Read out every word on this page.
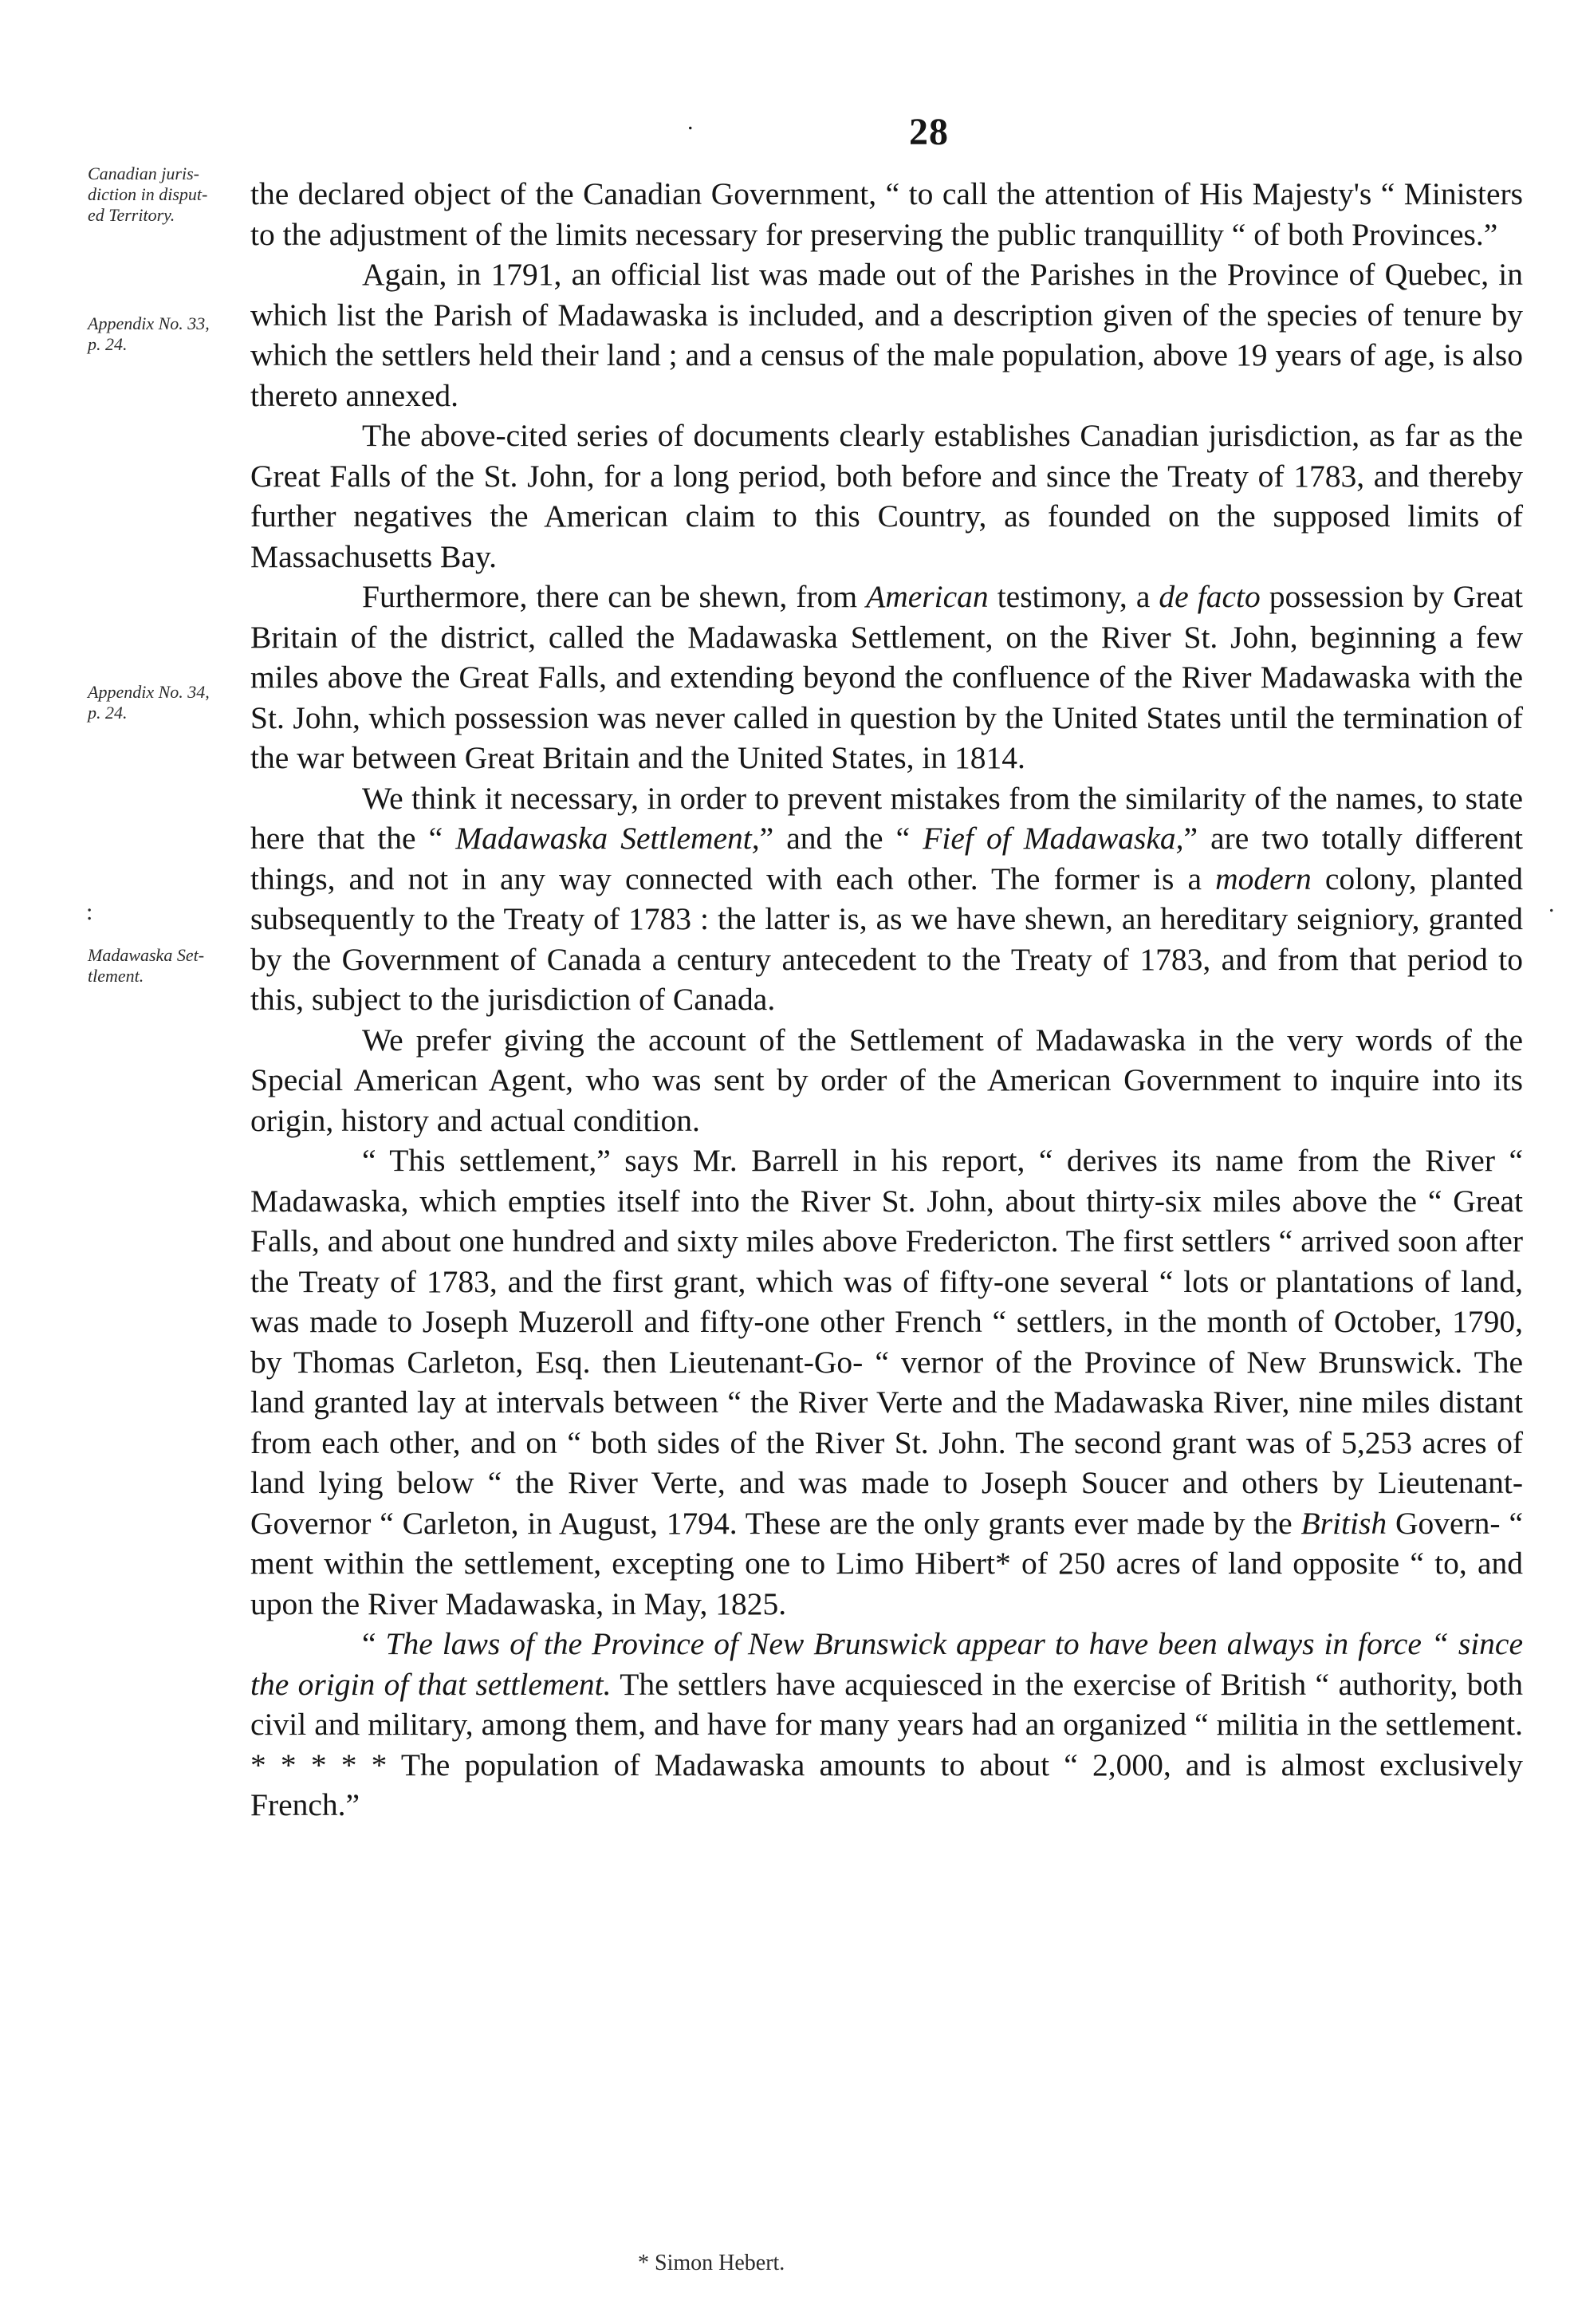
.	28
Canadian juris-
diction in disput-
ed Territory.
Appendix No. 33,
p. 24.
Appendix No. 34,
p. 24.
Madawaska Set-
tlement.
:	.

the declared object of the Canadian Government, “ to call the attention of His Majesty's “ Ministers to the adjustment of the limits necessary for preserving the public tranquillity “ of both Provinces.”

Again, in 1791, an official list was made out of the Parishes in the Province of Quebec, in which list the Parish of Madawaska is included, and a description given of the species of tenure by which the settlers held their land ; and a census of the male population, above 19 years of age, is also thereto annexed.

The above-cited series of documents clearly establishes Canadian jurisdiction, as far as the Great Falls of the St. John, for a long period, both before and since the Treaty of 1783, and thereby further negatives the American claim to this Country, as founded on the supposed limits of Massachusetts Bay.

Furthermore, there can be shewn, from American testimony, a de facto possession by Great Britain of the district, called the Madawaska Settlement, on the River St. John, beginning a few miles above the Great Falls, and extending beyond the confluence of the River Madawaska with the St. John, which possession was never called in question by the United States until the termination of the war between Great Britain and the United States, in 1814.

We think it necessary, in order to prevent mistakes from the similarity of the names, to state here that the “ Madawaska Settlement,” and the “ Fief of Madawaska,” are two totally different things, and not in any way connected with each other. The former is a modern colony, planted subsequently to the Treaty of 1783 : the latter is, as we have shewn, an hereditary seigniory, granted by the Government of Canada a century antecedent to the Treaty of 1783, and from that period to this, subject to the jurisdiction of Canada.

We prefer giving the account of the Settlement of Madawaska in the very words of the Special American Agent, who was sent by order of the American Government to inquire into its origin, history and actual condition.

“ This settlement,” says Mr. Barrell in his report, “ derives its name from the River “ Madawaska, which empties itself into the River St. John, about thirty-six miles above the “ Great Falls, and about one hundred and sixty miles above Fredericton. The first settlers “ arrived soon after the Treaty of 1783, and the first grant, which was of fifty-one several “ lots or plantations of land, was made to Joseph Muzeroll and fifty-one other French “ settlers, in the month of October, 1790, by Thomas Carleton, Esq. then Lieutenant-Go- “ vernor of the Province of New Brunswick. The land granted lay at intervals between “ the River Verte and the Madawaska River, nine miles distant from each other, and on “ both sides of the River St. John. The second grant was of 5,253 acres of land lying below “ the River Verte, and was made to Joseph Soucer and others by Lieutenant-Governor “ Carleton, in August, 1794. These are the only grants ever made by the British Govern- “ ment within the settlement, excepting one to Limo Hibert* of 250 acres of land opposite “ to, and upon the River Madawaska, in May, 1825.

“ The laws of the Province of New Brunswick appear to have been always in force “ since the origin of that settlement. The settlers have acquiesced in the exercise of British “ authority, both civil and military, among them, and have for many years had an organized “ militia in the settlement. * * * * * The population of Madawaska amounts to about “ 2,000, and is almost exclusively French.”

* Simon Hebert.
